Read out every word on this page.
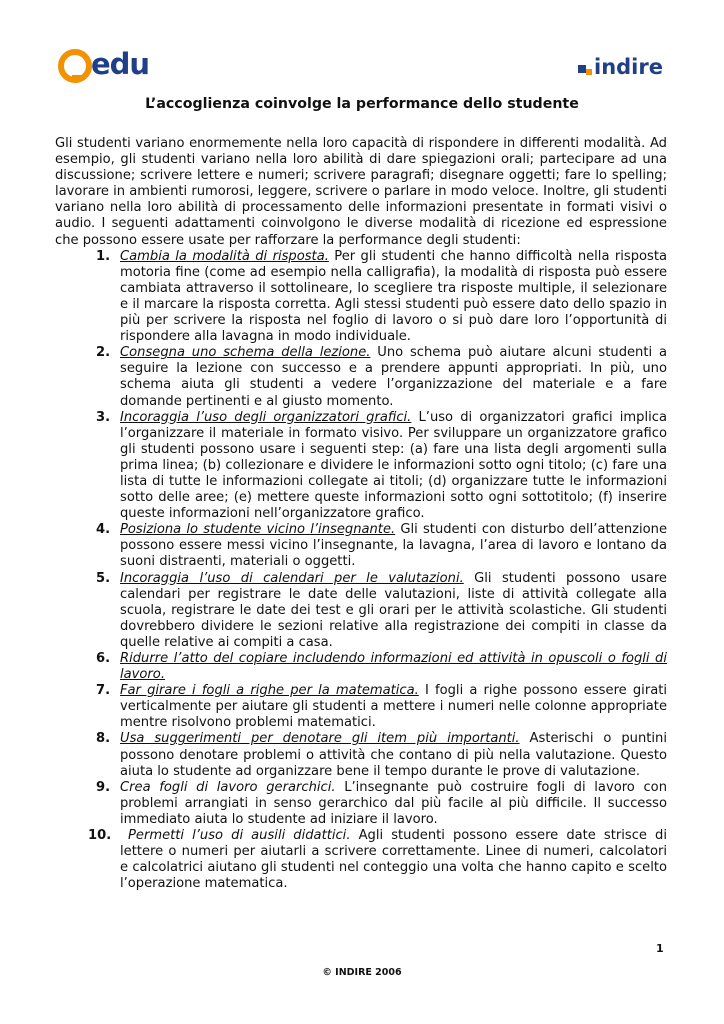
edu	indire
L’accoglienza coinvolge la performance dello studente

Gli studenti variano enormemente nella loro capacità di rispondere in differenti modalità. Ad esempio, gli studenti variano nella loro abilità di dare spiegazioni orali; partecipare ad una discussione; scrivere lettere e numeri; scrivere paragrafi; disegnare oggetti; fare lo spelling; lavorare in ambienti rumorosi, leggere, scrivere o parlare in modo veloce. Inoltre, gli studenti variano nella loro abilità di processamento delle informazioni presentate in formati visivi o audio. I seguenti adattamenti coinvolgono le diverse modalità di ricezione ed espressione che possono essere usate per rafforzare la performance degli studenti:

1. Cambia la modalità di risposta. Per gli studenti che hanno difficoltà nella risposta motoria fine (come ad esempio nella calligrafia), la modalità di risposta può essere cambiata attraverso il sottolineare, lo scegliere tra risposte multiple, il selezionare e il marcare la risposta corretta. Agli stessi studenti può essere dato dello spazio in più per scrivere la risposta nel foglio di lavoro o si può dare loro l’opportunità di rispondere alla lavagna in modo individuale.
2. Consegna uno schema della lezione. Uno schema può aiutare alcuni studenti a seguire la lezione con successo e a prendere appunti appropriati. In più, uno schema aiuta gli studenti a vedere l’organizzazione del materiale e a fare domande pertinenti e al giusto momento.
3. Incoraggia l’uso degli organizzatori grafici. L’uso di organizzatori grafici implica l’organizzare il materiale in formato visivo. Per sviluppare un organizzatore grafico gli studenti possono usare i seguenti step: (a) fare una lista degli argomenti sulla prima linea; (b) collezionare e dividere le informazioni sotto ogni titolo; (c) fare una lista di tutte le informazioni collegate ai titoli; (d) organizzare tutte le informazioni sotto delle aree; (e) mettere queste informazioni sotto ogni sottotitolo; (f) inserire queste informazioni nell’organizzatore grafico.
4. Posiziona lo studente vicino l’insegnante. Gli studenti con disturbo dell’attenzione possono essere messi vicino l’insegnante, la lavagna, l’area di lavoro e lontano da suoni distraenti, materiali o oggetti.
5. Incoraggia l’uso di calendari per le valutazioni. Gli studenti possono usare calendari per registrare le date delle valutazioni, liste di attività collegate alla scuola, registrare le date dei test e gli orari per le attività scolastiche. Gli studenti dovrebbero dividere le sezioni relative alla registrazione dei compiti in classe da quelle relative ai compiti a casa.
6. Ridurre l’atto del copiare includendo informazioni ed attività in opuscoli o fogli di lavoro.
7. Far girare i fogli a righe per la matematica. I fogli a righe possono essere girati verticalmente per aiutare gli studenti a mettere i numeri nelle colonne appropriate mentre risolvono problemi matematici.
8. Usa suggerimenti per denotare gli item più importanti. Asterischi o puntini possono denotare problemi o attività che contano di più nella valutazione. Questo aiuta lo studente ad organizzare bene il tempo durante le prove di valutazione.
9. Crea fogli di lavoro gerarchici. L’insegnante può costruire fogli di lavoro con problemi arrangiati in senso gerarchico dal più facile al più difficile. Il successo immediato aiuta lo studente ad iniziare il lavoro.
10. Permetti l’uso di ausili didattici. Agli studenti possono essere date strisce di lettere o numeri per aiutarli a scrivere correttamente. Linee di numeri, calcolatori e calcolatrici aiutano gli studenti nel conteggio una volta che hanno capito e scelto l’operazione matematica.
1
© INDIRE 2006
